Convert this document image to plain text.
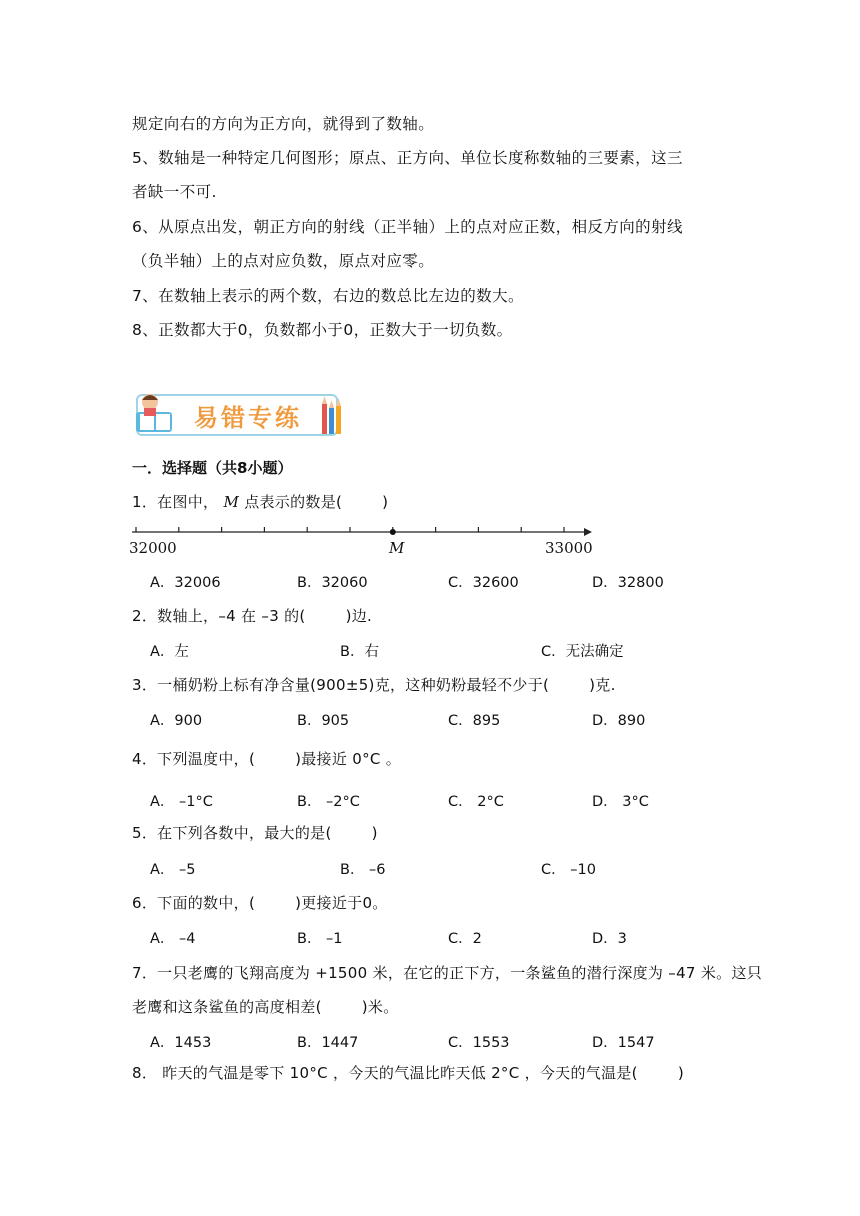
规定向右的方向为正方向，就得到了数轴。
5、数轴是一种特定几何图形；原点、正方向、单位长度称数轴的三要素，这三
者缺一不可.
6、从原点出发，朝正方向的射线（正半轴）上的点对应正数，相反方向的射线
（负半轴）上的点对应负数，原点对应零。
7、在数轴上表示的两个数，右边的数总比左边的数大。
8、正数都大于0，负数都小于0，正数大于一切负数。
易错专练
一．选择题（共8小题）
1．在图中， M 点表示的数是(	)
32000	M	33000
A．32006	B．32060	C．32600	D．32800
2．数轴上，–4 在 –3 的(	)边.
A．左	B．右	C．无法确定
3．一桶奶粉上标有净含量(900±5)克，这种奶粉最轻不少于(	)克.
A．900	B．905	C．895	D．890
4．下列温度中，(	)最接近 0°C 。
A． –1°C	B． –2°C	C． 2°C	D． 3°C
5．在下列各数中，最大的是(	)
A． –5	B． –6	C． –10
6．下面的数中，(	)更接近于0。
A． –4	B． –1	C．2	D．3
7．一只老鹰的飞翔高度为 +1500 米，在它的正下方，一条鲨鱼的潜行深度为 –47 米。这只
老鹰和这条鲨鱼的高度相差(	)米。
A．1453	B．1447	C．1553	D．1547
8． 昨天的气温是零下 10°C ，今天的气温比昨天低 2°C ，今天的气温是(	)
